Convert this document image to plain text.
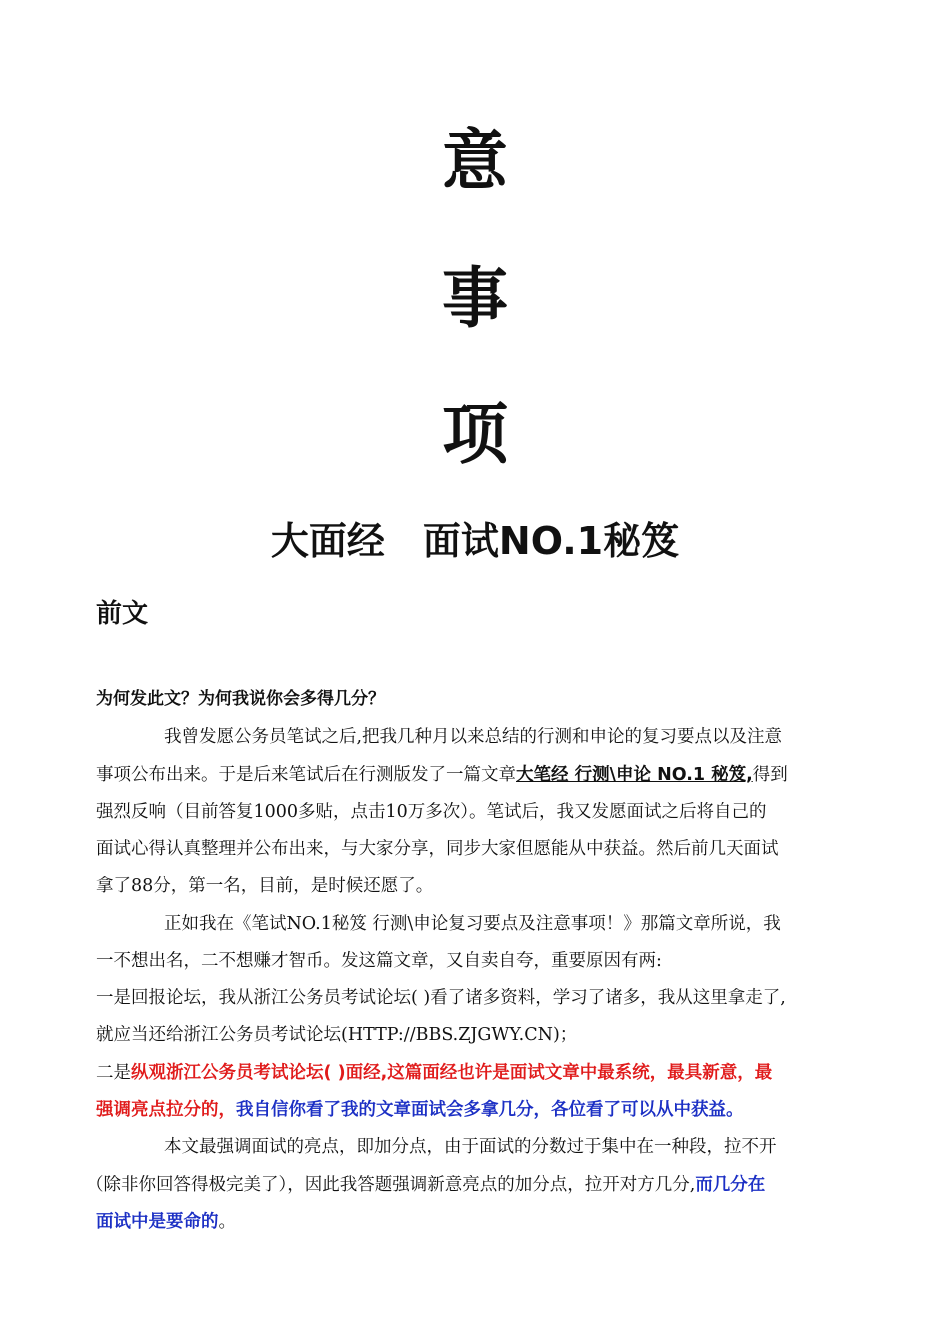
意
事
项
大面经　面试NO.1秘笈
前文
为何发此文？为何我说你会多得几分？
我曾发愿公务员笔试之后,把我几种月以来总结的行测和申论的复习要点以及注意
事项公布出来。于是后来笔试后在行测版发了一篇文章大笔经 行测\申论 NO.1 秘笈,得到
强烈反响（目前答复1000多贴，点击10万多次）。笔试后，我又发愿面试之后将自己的
面试心得认真整理并公布出来，与大家分享，同步大家但愿能从中获益。然后前几天面试
拿了88分，第一名，目前，是时候还愿了。
正如我在《笔试NO.1秘笈 行测\申论复习要点及注意事项！》那篇文章所说，我
一不想出名，二不想赚才智币。发这篇文章，又自卖自夸，重要原因有两:
一是回报论坛，我从浙江公务员考试论坛( )看了诸多资料，学习了诸多，我从这里拿走了,
就应当还给浙江公务员考试论坛(HTTP://BBS.ZJGWY.CN)；
二是纵观浙江公务员考试论坛( )面经,这篇面经也许是面试文章中最系统，最具新意，最
强调亮点拉分的，我自信你看了我的文章面试会多拿几分，各位看了可以从中获益。
本文最强调面试的亮点，即加分点，由于面试的分数过于集中在一种段，拉不开
（除非你回答得极完美了），因此我答题强调新意亮点的加分点，拉开对方几分,而几分在
面试中是要命的。
